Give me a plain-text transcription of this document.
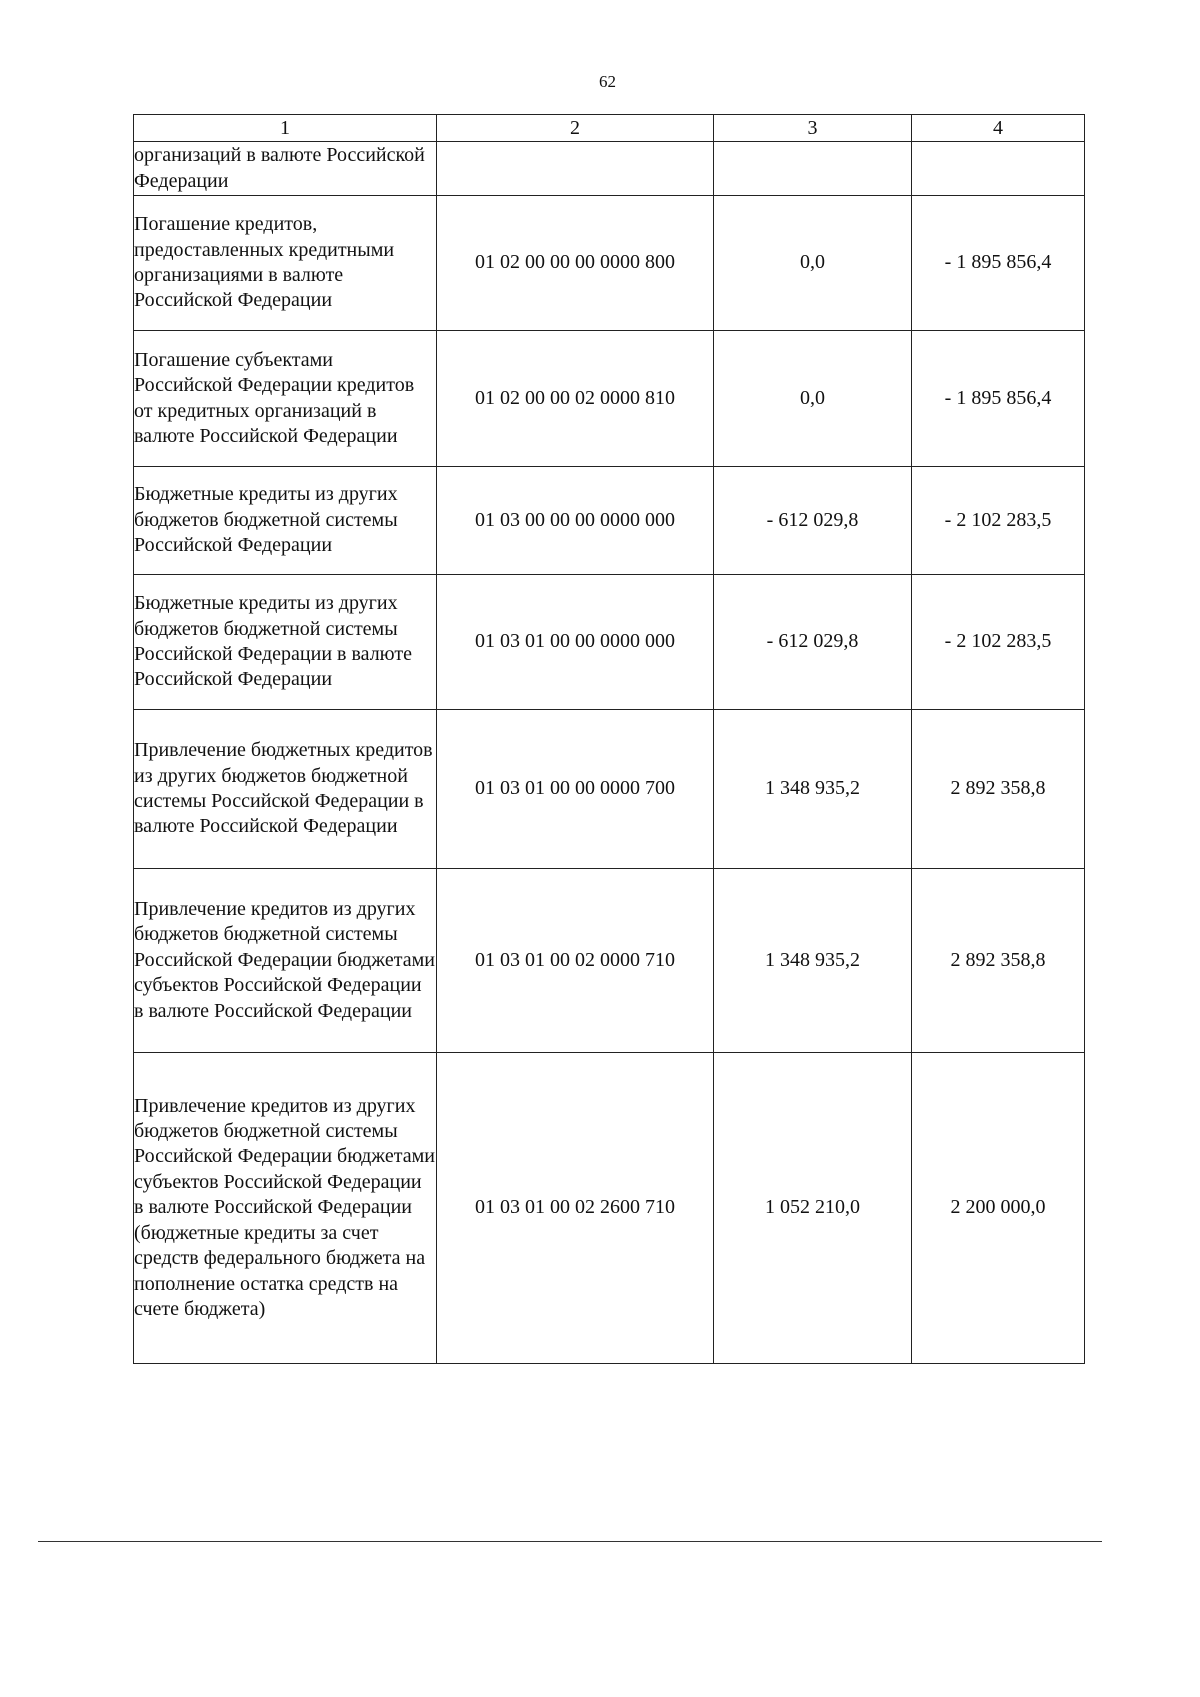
62
1	2	3	4
организаций в валюте Российской Федерации			
Погашение кредитов, предоставленных кредитными организациями в валюте Российской Федерации	01 02 00 00 00 0000 800	0,0	- 1 895 856,4
Погашение субъектами Российской Федерации кредитов от кредитных организаций в валюте Российской Федерации	01 02 00 00 02 0000 810	0,0	- 1 895 856,4
Бюджетные кредиты из других бюджетов бюджетной системы Российской Федерации	01 03 00 00 00 0000 000	- 612 029,8	- 2 102 283,5
Бюджетные кредиты из других бюджетов бюджетной системы Российской Федерации в валюте Российской Федерации	01 03 01 00 00 0000 000	- 612 029,8	- 2 102 283,5
Привлечение бюджетных кредитов из других бюджетов бюджетной системы Российской Федерации в валюте Российской Федерации	01 03 01 00 00 0000 700	1 348 935,2	2 892 358,8
Привлечение кредитов из других бюджетов бюджетной системы Российской Федерации бюджетами субъектов Российской Федерации в валюте Российской Федерации	01 03 01 00 02 0000 710	1 348 935,2	2 892 358,8
Привлечение кредитов из других бюджетов бюджетной системы Российской Федерации бюджетами субъектов Российской Федерации в валюте Российской Федерации (бюджетные кредиты за счет средств федерального бюджета на пополнение остатка средств на счете бюджета)	01 03 01 00 02 2600 710	1 052 210,0	2 200 000,0
